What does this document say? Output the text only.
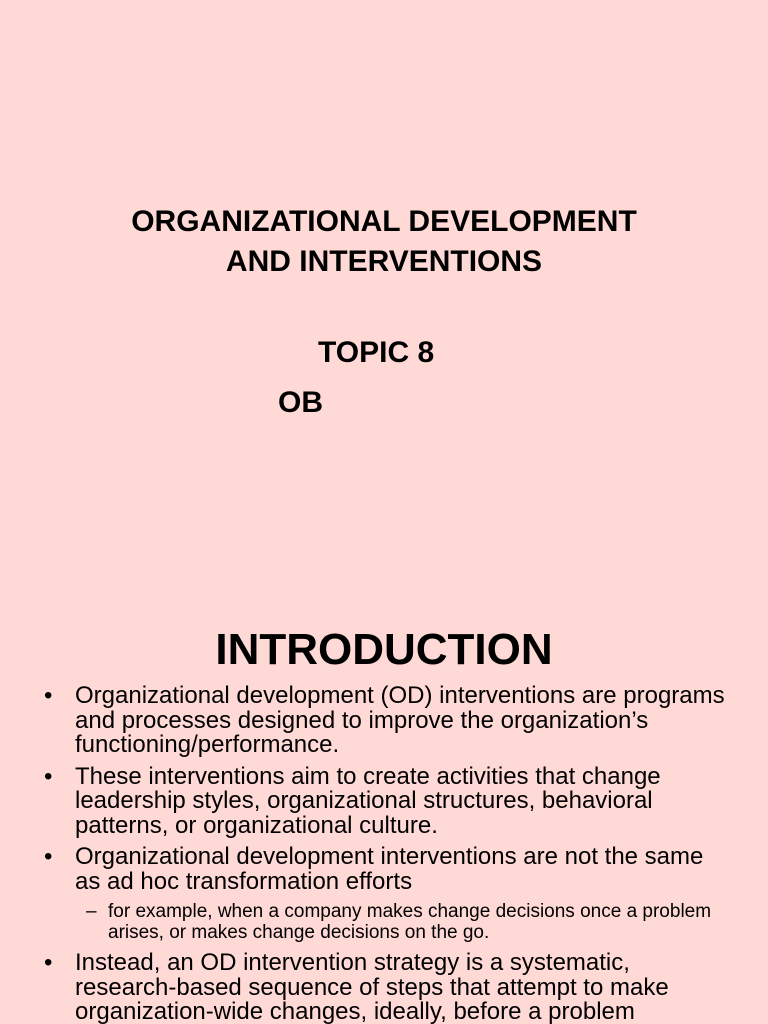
ORGANIZATIONAL DEVELOPMENT
AND INTERVENTIONS
TOPIC 8
OB
INTRODUCTION
• Organizational development (OD) interventions are programs and processes designed to improve the organization’s functioning/performance.
• These interventions aim to create activities that change leadership styles, organizational structures, behavioral patterns, or organizational culture.
• Organizational development interventions are not the same as ad hoc transformation efforts
– for example, when a company makes change decisions once a problem arises, or makes change decisions on the go.
• Instead, an OD intervention strategy is a systematic, research-based sequence of steps that attempt to make organization-wide changes, ideally, before a problem
